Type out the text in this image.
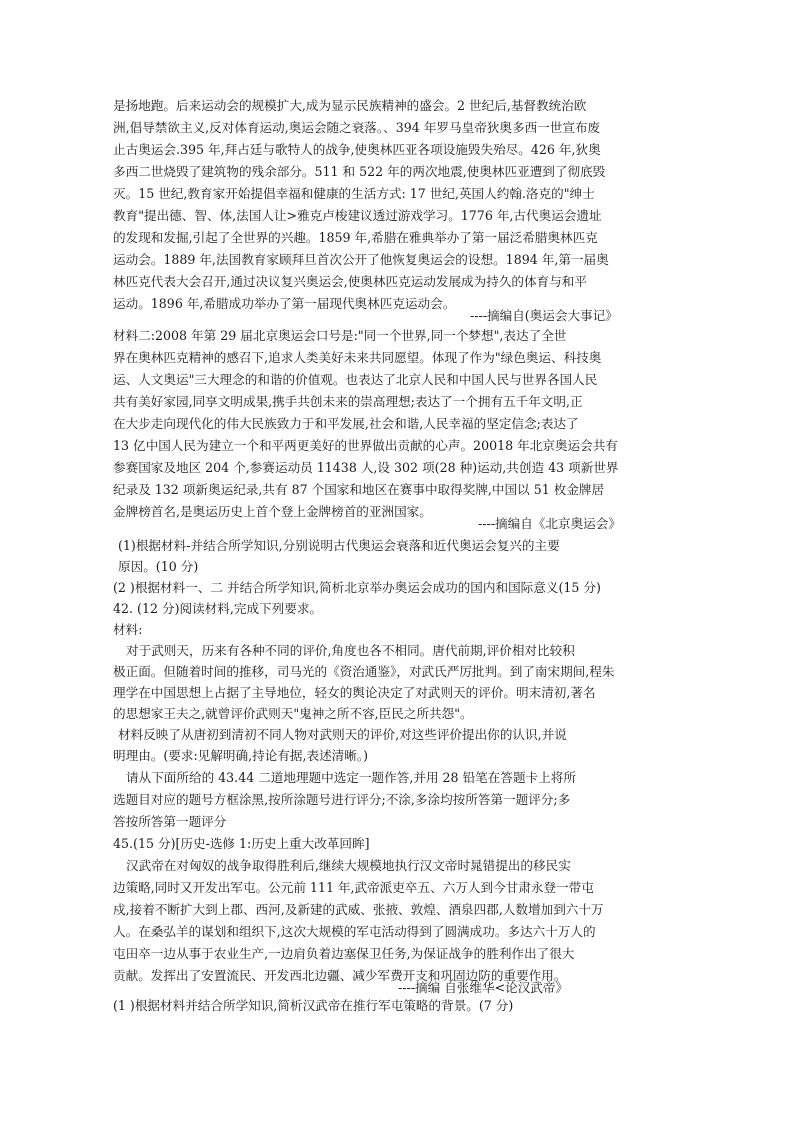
是扬地跑。后来运动会的规模扩大,成为显示民族精神的盛会。2 世纪后,基督教统治欧
洲,倡导禁欲主义,反对体育运动,奥运会随之衰落。、394 年罗马皇帝狄奥多西一世宣布废
止古奥运会.395 年,拜占廷与歌特人的战争,使奥林匹亚各项设施毁失殆尽。426 年,狄奥
多西二世烧毁了建筑物的残余部分。511 和 522 年的两次地震,使奥林匹亚遭到了彻底毁
灭。15 世纪,教育家开始提倡幸福和健康的生活方式: 17 世纪,英国人约翰.洛克的"绅士
教育"提出德、智、体,法国人让>雅克卢梭建议透过游戏学习。1776 年,古代奥运会遗址
的发现和发掘,引起了全世界的兴趣。1859 年,希腊在雅典举办了第一届泛希腊奥林匹克
运动会。1889 年,法国教育家顾拜旦首次公开了他恢复奥运会的设想。1894 年,第一届奥
林匹克代表大会召开,通过决议复兴奥运会,使奥林匹克运动发展成为持久的体育与和平
运动。1896 年,希腊成功举办了第一届现代奥林匹克运动会。
----摘编自(奥运会大事记》
材料二:2008 年第 29 届北京奥运会口号是:"同一个世界,同一个梦想",表达了全世
界在奥林匹克精神的感召下,追求人类美好未来共同愿望。体现了作为"绿色奥运、科技奥
运、人文奥运"三大理念的和谐的价值观。也表达了北京人民和中国人民与世界各国人民
共有美好家园,同享文明成果,携手共创未来的崇高理想;表达了一个拥有五千年文明,正
在大步走向现代化的伟大民族致力于和平发展,社会和谐,人民幸福的坚定信念;表达了
13 亿中国人民为建立一个和平两更美好的世界做出贡献的心声。20018 年北京奥运会共有
参赛国家及地区 204 个,参赛运动员 11438 人,设 302 项(28 种)运动,共创造 43 项新世界
纪录及 132 项新奥运纪录,共有 87 个国家和地区在赛事中取得奖牌,中国以 51 枚金牌居
金牌榜首名,是奥运历史上首个登上金牌榜首的亚洲国家。
----摘编自《北京奥运会》
(1)根据材料-并结合所学知识,分别说明古代奥运会衰落和近代奥运会复兴的主要
原因。(10 分)
(2 )根据材料一、二 并结合所学知识,简析北京举办奥运会成功的国内和国际意义(15 分)
42. (12 分)阅读材料,完成下列要求。
材料:
对于武则天，历来有各种不同的评价,角度也各不相同。唐代前期,评价相对比较积
极正面。但随着时间的推移，司马光的《资治通鉴》，对武氏严厉批判。到了南宋期间,程朱
理学在中国思想上占据了主导地位，轻女的舆论决定了对武则天的评价。明末清初,著名
的思想家王夫之,就曾评价武则天"鬼神之所不容,臣民之所共怨"。
材料反映了从唐初到清初不同人物对武则天的评价,对这些评价提出你的认识,并说
明理由。(要求:见解明确,持论有据,表述清晰。)
请从下面所给的 43.44 二道地理题中选定一题作答,并用 28 铅笔在答题卡上将所
选题目对应的题号方框涂黑,按所涂题号进行评分;不涂,多涂均按所答第一题评分;多
答按所答第一题评分
45.(15 分)[历史-选修 1:历史上重大改革回眸]
汉武帝在对匈奴的战争取得胜利后,继续大规模地执行汉文帝时晁错提出的移民实
边策略,同时又开发出军屯。公元前 111 年,武帝派吏卒五、六万人到今甘肃永登一带屯
戍,接着不断扩大到上郡、西河,及新建的武威、张掖、敦煌、酒泉四郡,人数增加到六十万
人。在桑弘羊的谋划和组织下,这次大规模的军屯活动得到了圆满成功。多达六十万人的
屯田卒一边从事于农业生产,一边肩负着边塞保卫任务,为保证战争的胜利作出了很大
贡献。发挥出了安置流民、开发西北边疆、减少军费开支和巩固边防的重要作用。
----摘编 自张维华<论汉武帝》
(1 )根据材料并结合所学知识,简析汉武帝在推行军屯策略的背景。(7 分)
